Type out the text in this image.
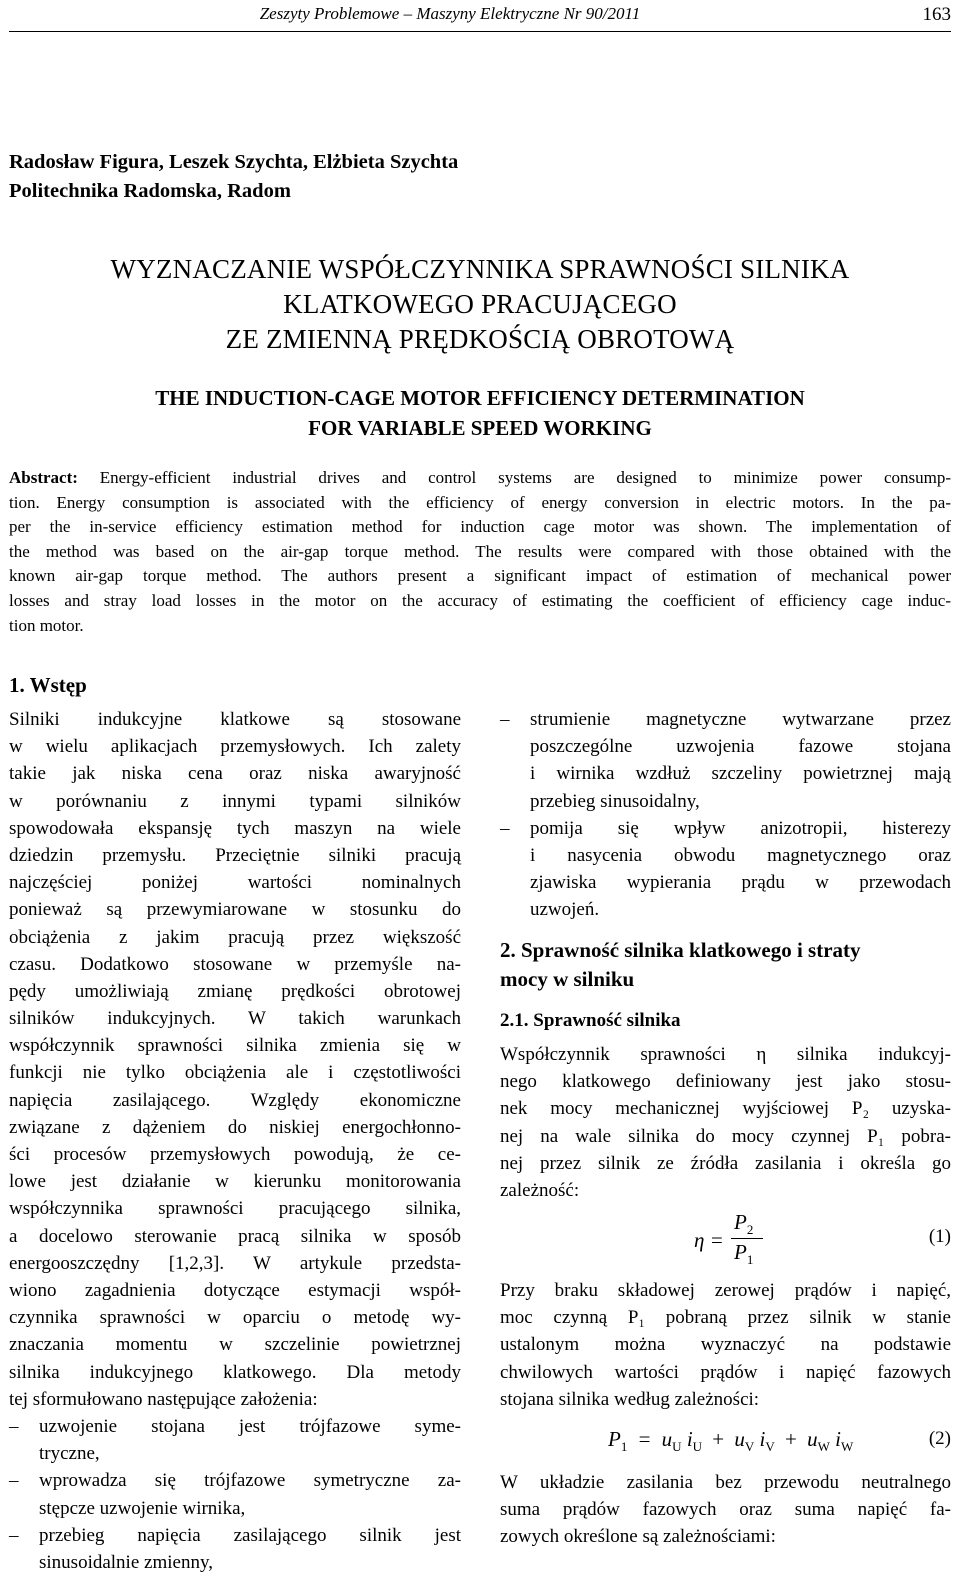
Zeszyty Problemowe – Maszyny Elektryczne Nr 90/2011	163
Radosław Figura, Leszek Szychta, Elżbieta Szychta
Politechnika Radomska, Radom
WYZNACZANIE WSPÓŁCZYNNIKA SPRAWNOŚCI SILNIKA
KLATKOWEGO PRACUJĄCEGO
ZE ZMIENNĄ PRĘDKOŚCIĄ OBROTOWĄ
THE INDUCTION-CAGE MOTOR EFFICIENCY DETERMINATION
FOR VARIABLE SPEED WORKING
Abstract: Energy-efficient industrial drives and control systems are designed to minimize power consump-
tion. Energy consumption is associated with the efficiency of energy conversion in electric motors. In the pa-
per the in-service efficiency estimation method for induction cage motor was shown. The implementation of
the method was based on the air-gap torque method. The results were compared with those obtained with the
known air-gap torque method. The authors present a significant impact of estimation of mechanical power
losses and stray load losses in the motor on the accuracy of estimating the coefficient of efficiency cage induc-
tion motor.
1. Wstęp
Silniki indukcyjne klatkowe są stosowane
w wielu aplikacjach przemysłowych. Ich zalety
takie jak niska cena oraz niska awaryjność
w porównaniu z innymi typami silników
spowodowała ekspansję tych maszyn na wiele
dziedzin przemysłu. Przeciętnie silniki pracują
najczęściej poniżej wartości nominalnych
ponieważ są przewymiarowane w stosunku do
obciążenia z jakim pracują przez większość
czasu. Dodatkowo stosowane w przemyśle na-
pędy umożliwiają zmianę prędkości obrotowej
silników indukcyjnych. W takich warunkach
współczynnik sprawności silnika zmienia się w
funkcji nie tylko obciążenia ale i częstotliwości
napięcia zasilającego. Względy ekonomiczne
związane z dążeniem do niskiej energochłonno-
ści procesów przemysłowych powodują, że ce-
lowe jest działanie w kierunku monitorowania
współczynnika sprawności pracującego silnika,
a docelowo sterowanie pracą silnika w sposób
energooszczędny [1,2,3]. W artykule przedsta-
wiono zagadnienia dotyczące estymacji współ-
czynnika sprawności w oparciu o metodę wy-
znaczania momentu w szczelinie powietrznej
silnika indukcyjnego klatkowego. Dla metody
tej sformułowano następujące założenia:
–	uzwojenie stojana jest trójfazowe syme-
tryczne,
–	wprowadza się trójfazowe symetryczne za-
stępcze uzwojenie wirnika,
–	przebieg napięcia zasilającego silnik jest
sinusoidalnie zmienny,
–	strumienie magnetyczne wytwarzane przez
poszczególne uzwojenia fazowe stojana
i wirnika wzdłuż szczeliny powietrznej mają
przebieg sinusoidalny,
–	pomija się wpływ anizotropii, histerezy
i nasycenia obwodu magnetycznego oraz
zjawiska wypierania prądu w przewodach
uzwojeń.
2. Sprawność silnika klatkowego i straty
mocy w silniku
2.1. Sprawność silnika
Współczynnik sprawności η silnika indukcyj-
nego klatkowego definiowany jest jako stosu-
nek mocy mechanicznej wyjściowej P₂ uzyska-
nej na wale silnika do mocy czynnej P₁ pobra-
nej przez silnik ze źródła zasilania i określa go
zależność:
η =
$P_2$
$P_1$
(1)
Przy braku składowej zerowej prądów i napięć,
moc czynną P₁ pobraną przez silnik w stanie
ustalonym można wyznaczyć na podstawie
chwilowych wartości prądów i napięć fazowych
stojana silnika według zależności:
$P_1 = u_U$ $i_U + u_V$ $i_V + u_W$ $i_W$	(2)
W układzie zasilania bez przewodu neutralnego
suma prądów fazowych oraz suma napięć fa-
zowych określone są zależnościami:
